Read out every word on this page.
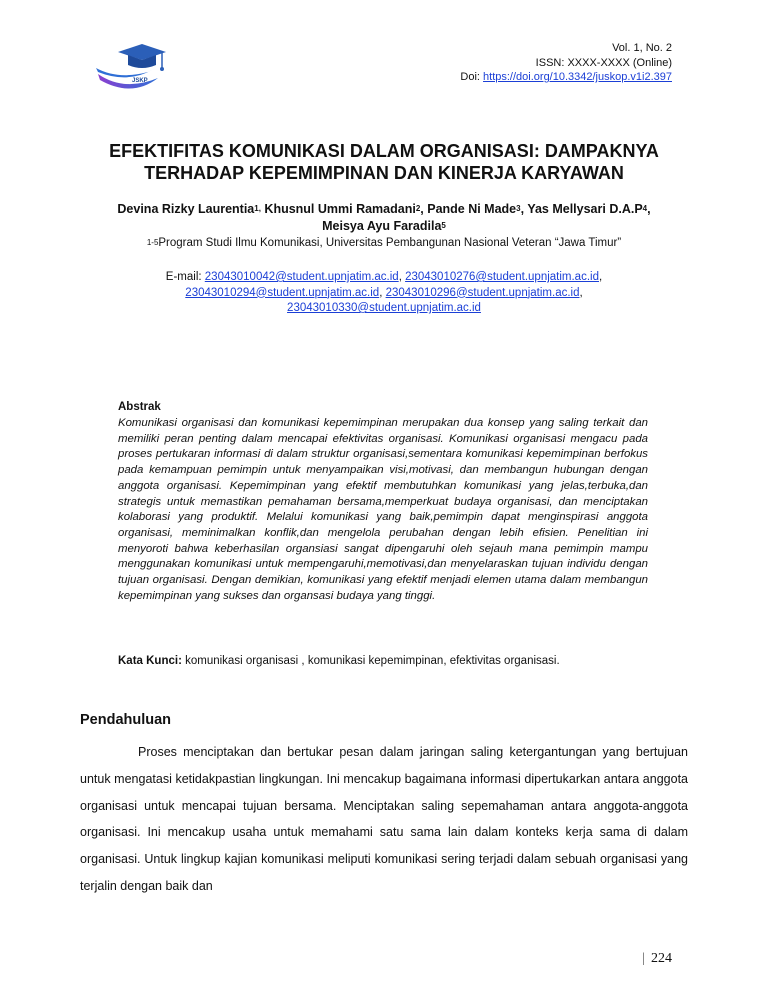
JSKP
Vol. 1, No. 2
ISSN: XXXX-XXXX (Online)
Doi: https://doi.org/10.3342/juskop.v1i2.397
EFEKTIFITAS KOMUNIKASI DALAM ORGANISASI: DAMPAKNYA TERHADAP KEPEMIMPINAN DAN KINERJA KARYAWAN
Devina Rizky Laurentia$^{1,}$ Khusnul Ummi Ramadani$^2$, Pande Ni Made$^3$, Yas Mellysari $D.A.P^4$,
Meisya Ayu Faradila$^5$
$^{1-5}$Program Studi Ilmu Komunikasi, Universitas Pembangunan Nasional Veteran “Jawa Timur”
E-mail: 23043010042@student.upnjatim.ac.id, 23043010276@student.upnjatim.ac.id,
23043010294@student.upnjatim.ac.id, 23043010296@student.upnjatim.ac.id,
23043010330@student.upnjatim.ac.id
Abstrak
Komunikasi organisasi dan komunikasi kepemimpinan merupakan dua konsep yang saling terkait dan memiliki peran penting dalam mencapai efektivitas organisasi. Komunikasi organisasi mengacu pada proses pertukaran informasi di dalam struktur organisasi,sementara komunikasi kepemimpinan berfokus pada kemampuan pemimpin untuk menyampaikan visi,motivasi, dan membangun hubungan dengan anggota organisasi. Kepemimpinan yang efektif membutuhkan komunikasi yang jelas,terbuka,dan strategis untuk memastikan pemahaman bersama,memperkuat budaya organisasi, dan menciptakan kolaborasi yang produktif. Melalui komunikasi yang baik,pemimpin dapat menginspirasi anggota organisasi, meminimalkan konflik,dan mengelola perubahan dengan lebih efisien. Penelitian ini menyoroti bahwa keberhasilan organsiasi sangat dipengaruhi oleh sejauh mana pemimpin mampu menggunakan komunikasi untuk mempengaruhi,memotivasi,dan menyelaraskan tujuan individu dengan tujuan organisasi. Dengan demikian, komunikasi yang efektif menjadi elemen utama dalam membangun kepemimpinan yang sukses dan organsasi budaya yang tinggi.
Kata Kunci: komunikasi organisasi , komunikasi kepemimpinan, efektivitas organisasi.
Pendahuluan
Proses menciptakan dan bertukar pesan dalam jaringan saling ketergantungan yang bertujuan untuk mengatasi ketidakpastian lingkungan. Ini mencakup bagaimana informasi dipertukarkan antara anggota organisasi untuk mencapai tujuan bersama. Menciptakan saling sepemahaman antara anggota-anggota organisasi. Ini mencakup usaha untuk memahami satu sama lain dalam konteks kerja sama di dalam organisasi. Untuk lingkup kajian komunikasi meliputi komunikasi sering terjadi dalam sebuah organisasi yang terjalin dengan baik dan
| 224
